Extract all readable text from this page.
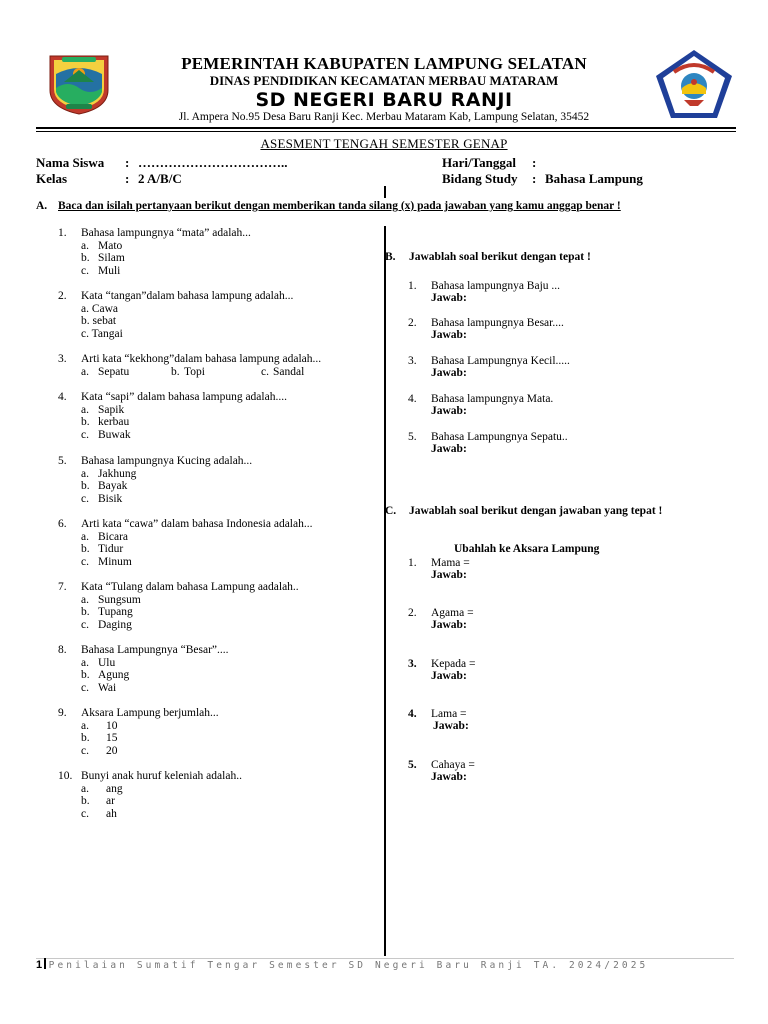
PEMERINTAH KABUPATEN LAMPUNG SELATAN
DINAS PENDIDIKAN KECAMATAN MERBAU MATARAM
SD NEGERI BARU RANJI
Jl. Ampera No.95 Desa Baru Ranji Kec. Merbau Mataram Kab, Lampung Selatan, 35452
ASESMENT TENGAH SEMESTER GENAP
Nama Siswa : ……………………………..
Kelas	: 2 A/B/C
Hari/Tanggal :
Bidang Study : Bahasa Lampung
A. Baca dan isilah pertanyaan berikut dengan memberikan tanda silang (x) pada jawaban yang kamu anggap benar !
1. Bahasa lampungnya “mata” adalah...
a. Mato
b. Silam
c. Muli
2. Kata “tangan”dalam bahasa lampung adalah...
a. Cawa
b. sebat
c. Tangai
3. Arti kata “kekhong”dalam bahasa lampung adalah...
a. Sepatu	b. Topi	c. Sandal
4. Kata “sapi” dalam bahasa lampung adalah....
a. Sapik
b. kerbau
c. Buwak
5. Bahasa lampungnya Kucing adalah...
a. Jakhung
b. Bayak
c. Bisik
6. Arti kata “cawa” dalam bahasa Indonesia adalah...
a. Bicara
b. Tidur
c. Minum
7. Kata “Tulang dalam bahasa Lampung aadalah..
a. Sungsum
b. Tupang
c. Daging
8. Bahasa Lampungnya “Besar”....
a. Ulu
b. Agung
c. Wai
9. Aksara Lampung berjumlah...
a. 10
b. 15
c. 20
10. Bunyi anak huruf keleniah adalah..
a. ang
b. ar
c. ah
1. Bahasa lampungnya Baju ...
Jawab:
2. Bahasa lampungnya Besar....
Jawab:
3. Bahasa Lampungnya Kecil.....
Jawab:
4. Bahasa lampungnya Mata.
Jawab:
5. Bahasa Lampungnya Sepatu..
Jawab:
1. Mama =
Jawab:
2. Agama =
Jawab:
3. Kepada =
Jawab:
4. Lama =
Jawab:
5. Cahaya =
Jawab:
B. Jawablah soal berikut dengan tepat !
C. Jawablah soal berikut dengan jawaban yang tepat !
Ubahlah ke Aksara Lampung
1 Penilaian Sumatif Tengar Semester SD Negeri Baru Ranji TA. 2024/2025
